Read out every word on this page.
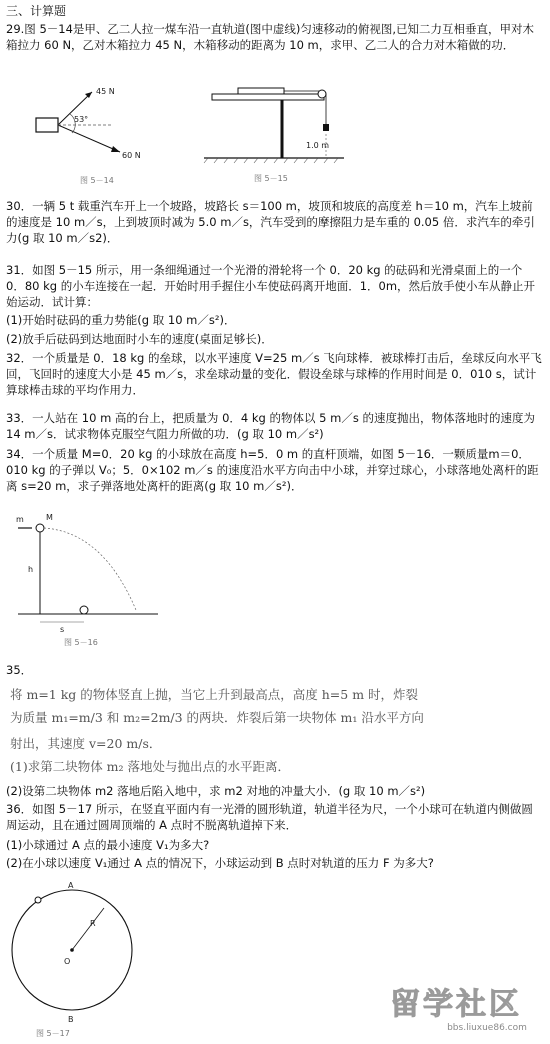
三、计算题
29.图 5－14是甲、乙二人拉一煤车沿一直轨道(图中虚线)匀速移动的俯视图,已知二力互相垂直，甲对木箱拉力 60 N，乙对木箱拉力 45 N，木箱移动的距离为 10 m，求甲、乙二人的合力对木箱做的功．
45 N
53°
60 N
图 5－14
1.0 m
图 5－15
30．一辆 5 t 载重汽车开上一个坡路，坡路长 s＝100 m，坡顶和坡底的高度差 h＝10 m，汽车上坡前的速度是 10 m／s，上到坡顶时减为 5.0 m／s，汽车受到的摩擦阻力是车重的 0.05 倍．求汽车的牵引力(g 取 10 m／s2)．
31．如图 5－15 所示，用一条细绳通过一个光滑的滑轮将一个 0．20 kg 的砝码和光滑桌面上的一个 0．80 kg 的小车连接在一起．开始时用手握住小车使砝码离开地面．1．0m，然后放手使小车从静止开始运动．试计算：
(1)开始时砝码的重力势能(g 取 10 m／s²)．
(2)放手后砝码到达地面时小车的速度(桌面足够长)．
32．一个质量是 0．18 kg 的垒球，以水平速度 V=25 m／s 飞向球棒．被球棒打击后，垒球反向水平飞回，飞回时的速度大小是 45 m／s，求垒球动量的变化．假设垒球与球棒的作用时间是 0．010 s，试计算球棒击球的平均作用力．
33．一人站在 10 m 高的台上，把质量为 0．4 kg 的物体以 5 m／s 的速度抛出，物体落地时的速度为 14 m／s．试求物体克服空气阻力所做的功．(g 取 10 m／s²)
34．一个质量 M=0．20 kg 的小球放在高度 h=5．0 m 的直杆顶端，如图 5－16．一颗质量m＝0．010 kg 的子弹以 V₀；5．0×102 m／s 的速度沿水平方向击中小球，并穿过球心，小球落地处离杆的距离 s=20 m，求子弹落地处离杆的距离(g 取 10 m／s²)．
m	M
h
s
图 5－16
35．
将 m=1 kg 的物体竖直上抛，当它上升到最高点，高度 h=5 m 时，炸裂
为质量 m₁=m/3 和 m₂=2m/3 的两块．炸裂后第一块物体 m₁ 沿水平方向
射出，其速度 v=20 m/s．
(1)求第二块物体 m₂ 落地处与抛出点的水平距离．
(2)设第二块物体 m2 落地后陷入地中，求 m2 对地的冲量大小．(g 取 10 m／s²)
36．如图 5－17 所示，在竖直平面内有一光滑的圆形轨道，轨道半径为尺，一个小球可在轨道内侧做圆周运动，且在通过圆周顶端的 A 点时不脱离轨道掉下来．
(1)小球通过 A 点的最小速度 V₁为多大?
(2)在小球以速度 V₁通过 A 点的情况下，小球运动到 B 点时对轨道的压力 F 为多大?
A
R
O
B
图 5－17
留学社区
bbs.liuxue86.com
